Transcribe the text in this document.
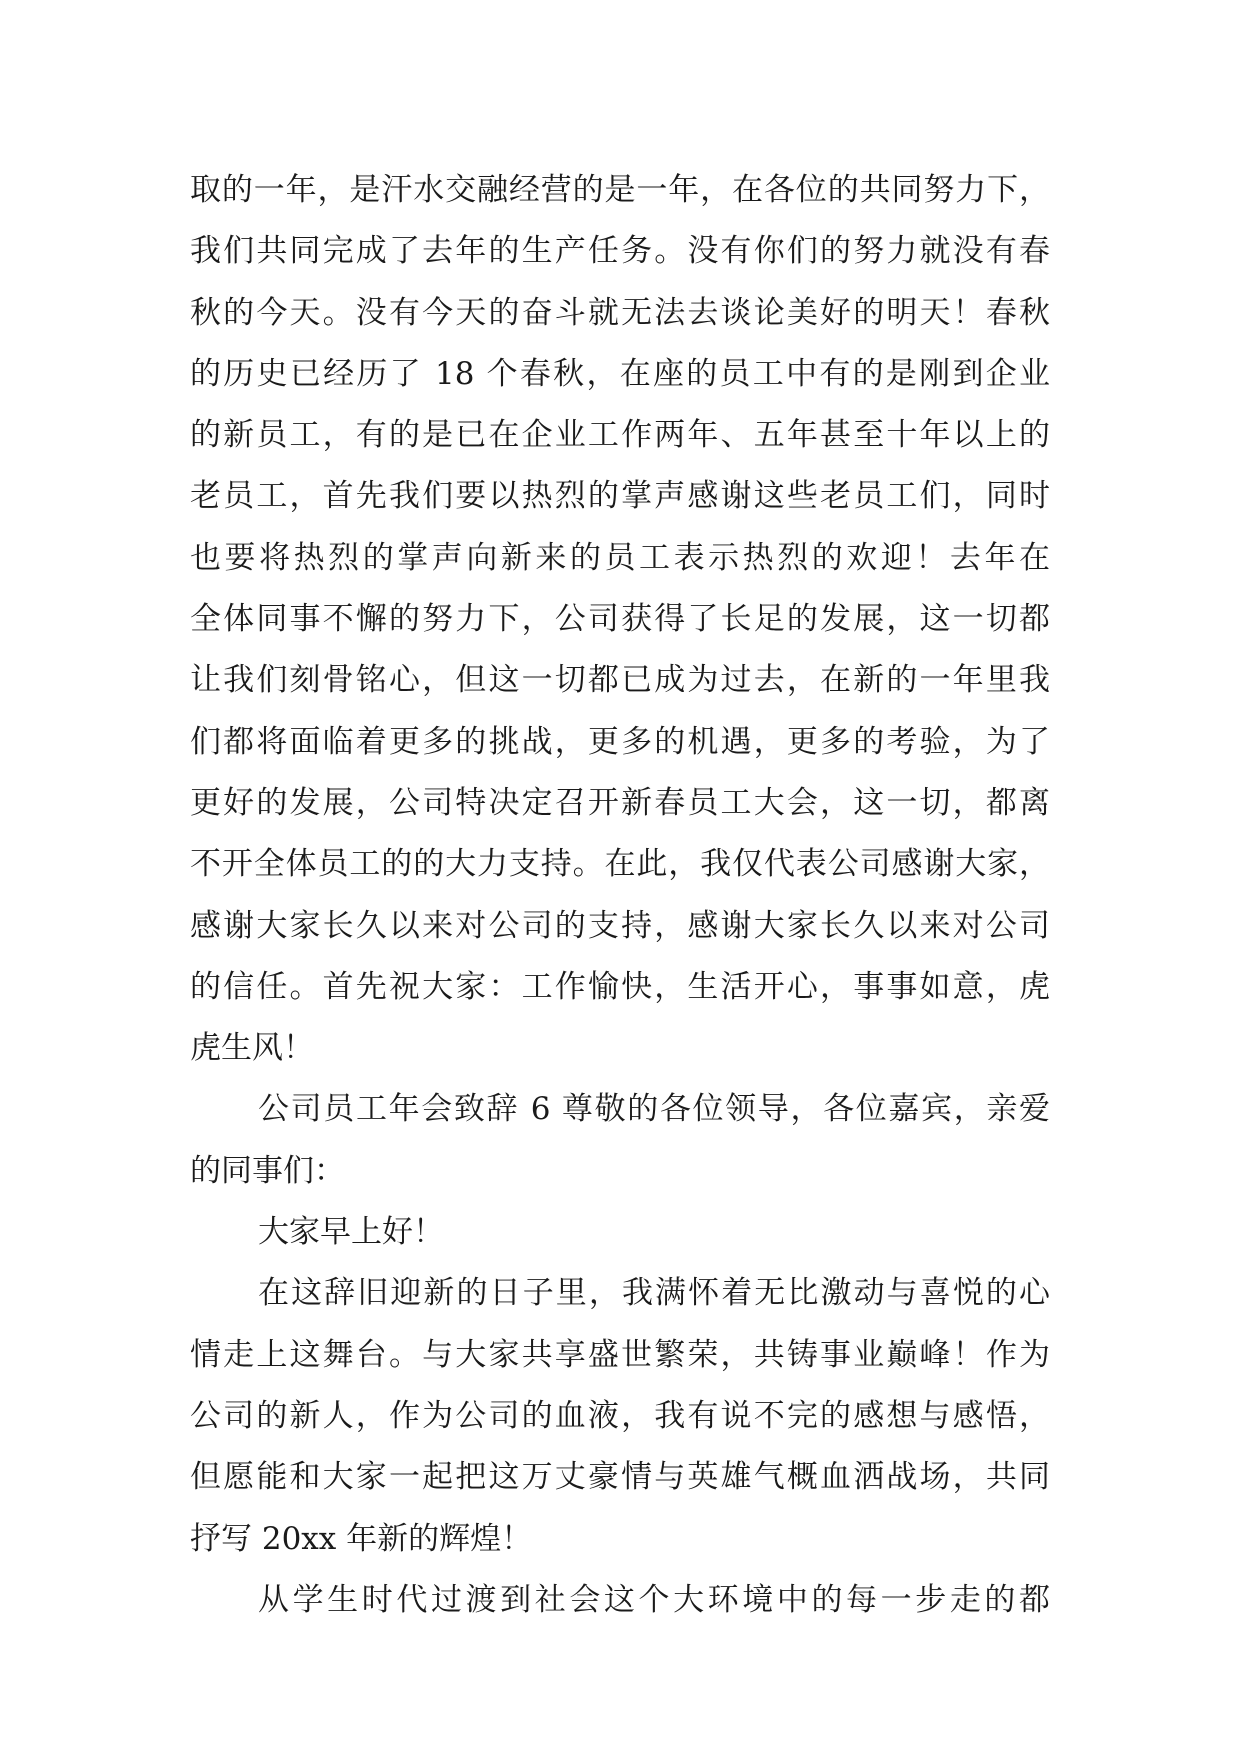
取的一年，是汗水交融经营的是一年，在各位的共同努力下，
我们共同完成了去年的生产任务。没有你们的努力就没有春
秋的今天。没有今天的奋斗就无法去谈论美好的明天！春秋
的历史已经历了 18 个春秋，在座的员工中有的是刚到企业
的新员工，有的是已在企业工作两年、五年甚至十年以上的
老员工，首先我们要以热烈的掌声感谢这些老员工们，同时
也要将热烈的掌声向新来的员工表示热烈的欢迎！去年在
全体同事不懈的努力下，公司获得了长足的发展，这一切都
让我们刻骨铭心，但这一切都已成为过去，在新的一年里我
们都将面临着更多的挑战，更多的机遇，更多的考验，为了
更好的发展，公司特决定召开新春员工大会，这一切，都离
不开全体员工的的大力支持。在此，我仅代表公司感谢大家，
感谢大家长久以来对公司的支持，感谢大家长久以来对公司
的信任。首先祝大家：工作愉快，生活开心，事事如意，虎
虎生风！
公司员工年会致辞 6 尊敬的各位领导，各位嘉宾，亲爱
的同事们：
大家早上好！
在这辞旧迎新的日子里，我满怀着无比激动与喜悦的心
情走上这舞台。与大家共享盛世繁荣，共铸事业巅峰！作为
公司的新人，作为公司的血液，我有说不完的感想与感悟，
但愿能和大家一起把这万丈豪情与英雄气概血洒战场，共同
抒写 20xx 年新的辉煌！
从学生时代过渡到社会这个大环境中的每一步走的都
